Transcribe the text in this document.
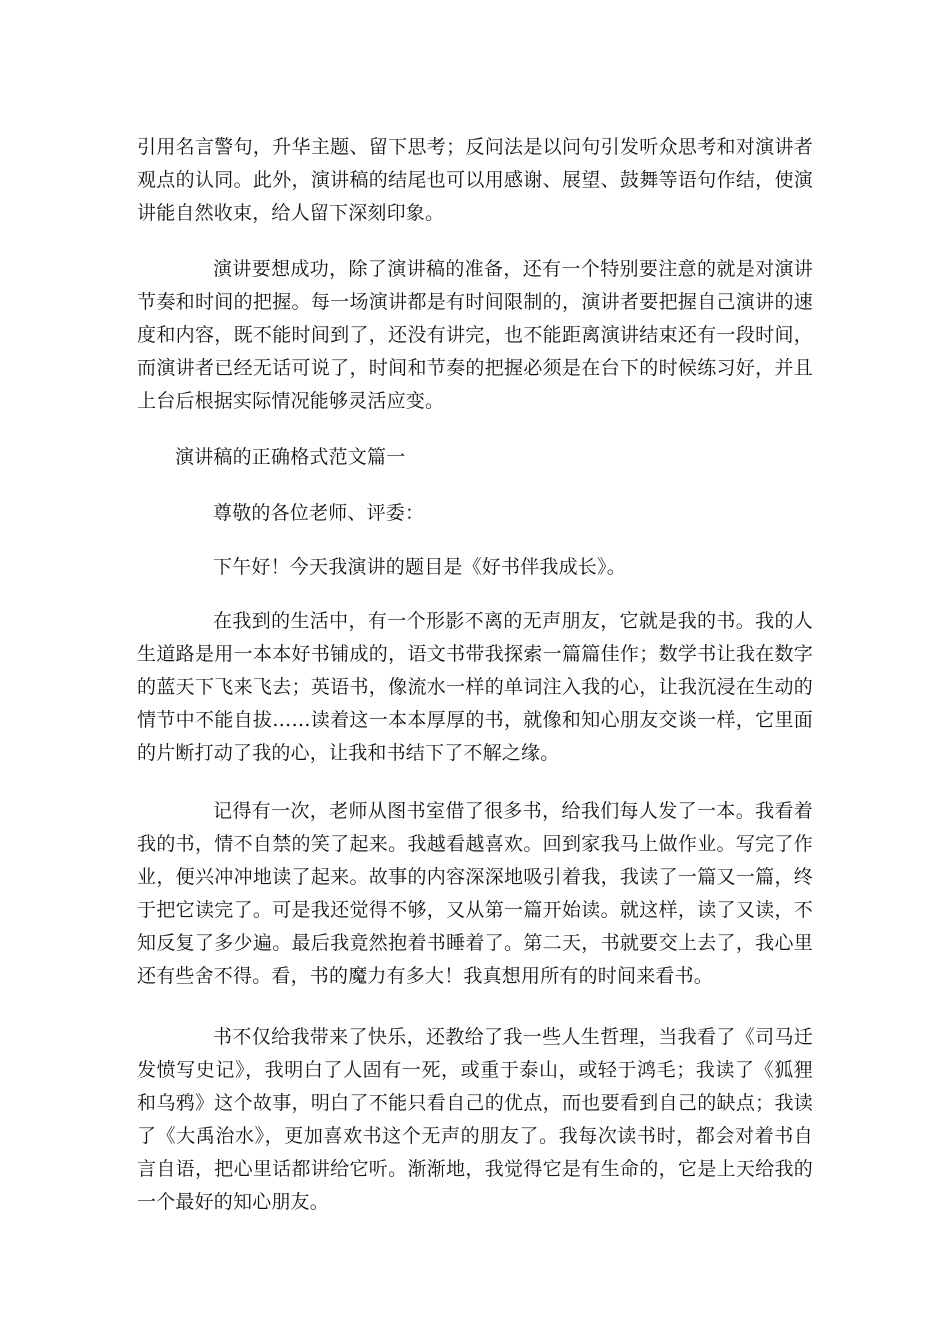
引用名言警句，升华主题、留下思考；反问法是以问句引发听众思考和对演讲者观点的认同。此外，演讲稿的结尾也可以用感谢、展望、鼓舞等语句作结，使演讲能自然收束，给人留下深刻印象。

演讲要想成功，除了演讲稿的准备，还有一个特别要注意的就是对演讲节奏和时间的把握。每一场演讲都是有时间限制的，演讲者要把握自己演讲的速度和内容，既不能时间到了，还没有讲完，也不能距离演讲结束还有一段时间，而演讲者已经无话可说了，时间和节奏的把握必须是在台下的时候练习好，并且上台后根据实际情况能够灵活应变。

演讲稿的正确格式范文篇一

尊敬的各位老师、评委：

下午好！今天我演讲的题目是《好书伴我成长》。

在我到的生活中，有一个形影不离的无声朋友，它就是我的书。我的人生道路是用一本本好书铺成的，语文书带我探索一篇篇佳作；数学书让我在数字的蓝天下飞来飞去；英语书，像流水一样的单词注入我的心，让我沉浸在生动的情节中不能自拔……读着这一本本厚厚的书，就像和知心朋友交谈一样，它里面的片断打动了我的心，让我和书结下了不解之缘。

记得有一次，老师从图书室借了很多书，给我们每人发了一本。我看着我的书，情不自禁的笑了起来。我越看越喜欢。回到家我马上做作业。写完了作业，便兴冲冲地读了起来。故事的内容深深地吸引着我，我读了一篇又一篇，终于把它读完了。可是我还觉得不够，又从第一篇开始读。就这样，读了又读，不知反复了多少遍。最后我竟然抱着书睡着了。第二天，书就要交上去了，我心里还有些舍不得。看，书的魔力有多大！我真想用所有的时间来看书。

书不仅给我带来了快乐，还教给了我一些人生哲理，当我看了《司马迁发愤写史记》，我明白了人固有一死，或重于泰山，或轻于鸿毛；我读了《狐狸和乌鸦》这个故事，明白了不能只看自己的优点，而也要看到自己的缺点；我读了《大禹治水》，更加喜欢书这个无声的朋友了。我每次读书时，都会对着书自言自语，把心里话都讲给它听。渐渐地，我觉得它是有生命的，它是上天给我的一个最好的知心朋友。
